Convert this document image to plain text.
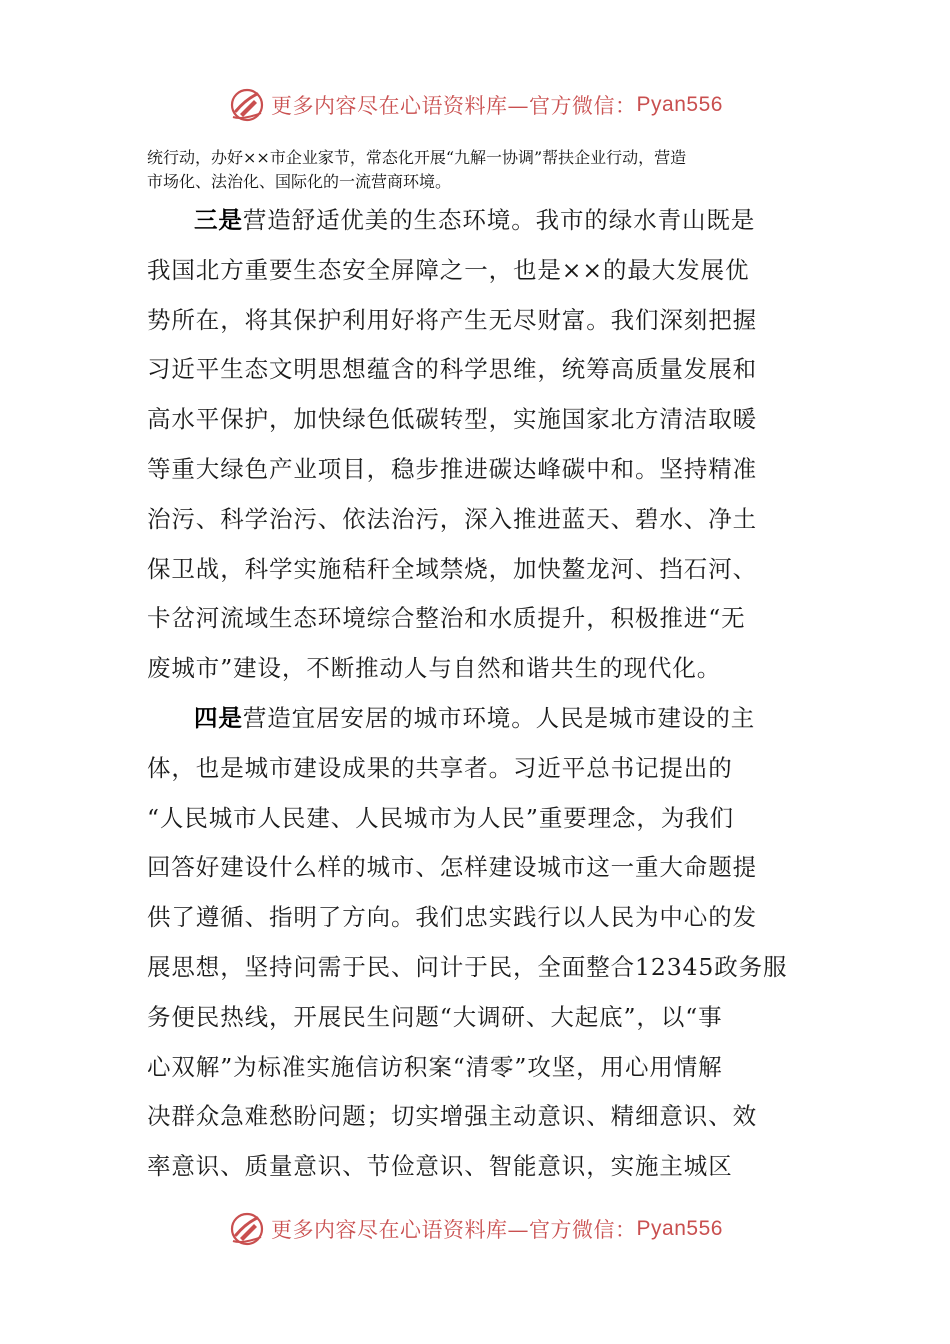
更多内容尽在心语资料库—官方微信： Pyan556
统行动，办好××市企业家节，常态化开展“九解一协调”帮扶企业行动，营造
市场化、法治化、国际化的一流营商环境。
三是营造舒适优美的生态环境。我市的绿水青山既是
我国北方重要生态安全屏障之一，也是××的最大发展优
势所在，将其保护利用好将产生无尽财富。我们深刻把握
习近平生态文明思想蕴含的科学思维，统筹高质量发展和
高水平保护，加快绿色低碳转型，实施国家北方清洁取暖
等重大绿色产业项目，稳步推进碳达峰碳中和。坚持精准
治污、科学治污、依法治污，深入推进蓝天、碧水、净土
保卫战，科学实施秸秆全域禁烧，加快鳌龙河、挡石河、
卡岔河流域生态环境综合整治和水质提升，积极推进“无
废城市”建设，不断推动人与自然和谐共生的现代化。
四是营造宜居安居的城市环境。人民是城市建设的主
体，也是城市建设成果的共享者。习近平总书记提出的
“人民城市人民建、人民城市为人民”重要理念，为我们
回答好建设什么样的城市、怎样建设城市这一重大命题提
供了遵循、指明了方向。我们忠实践行以人民为中心的发
展思想，坚持问需于民、问计于民，全面整合12345政务服
务便民热线，开展民生问题“大调研、大起底”，以“事
心双解”为标准实施信访积案“清零”攻坚，用心用情解
决群众急难愁盼问题；切实增强主动意识、精细意识、效
率意识、质量意识、节俭意识、智能意识，实施主城区
更多内容尽在心语资料库—官方微信： Pyan556
